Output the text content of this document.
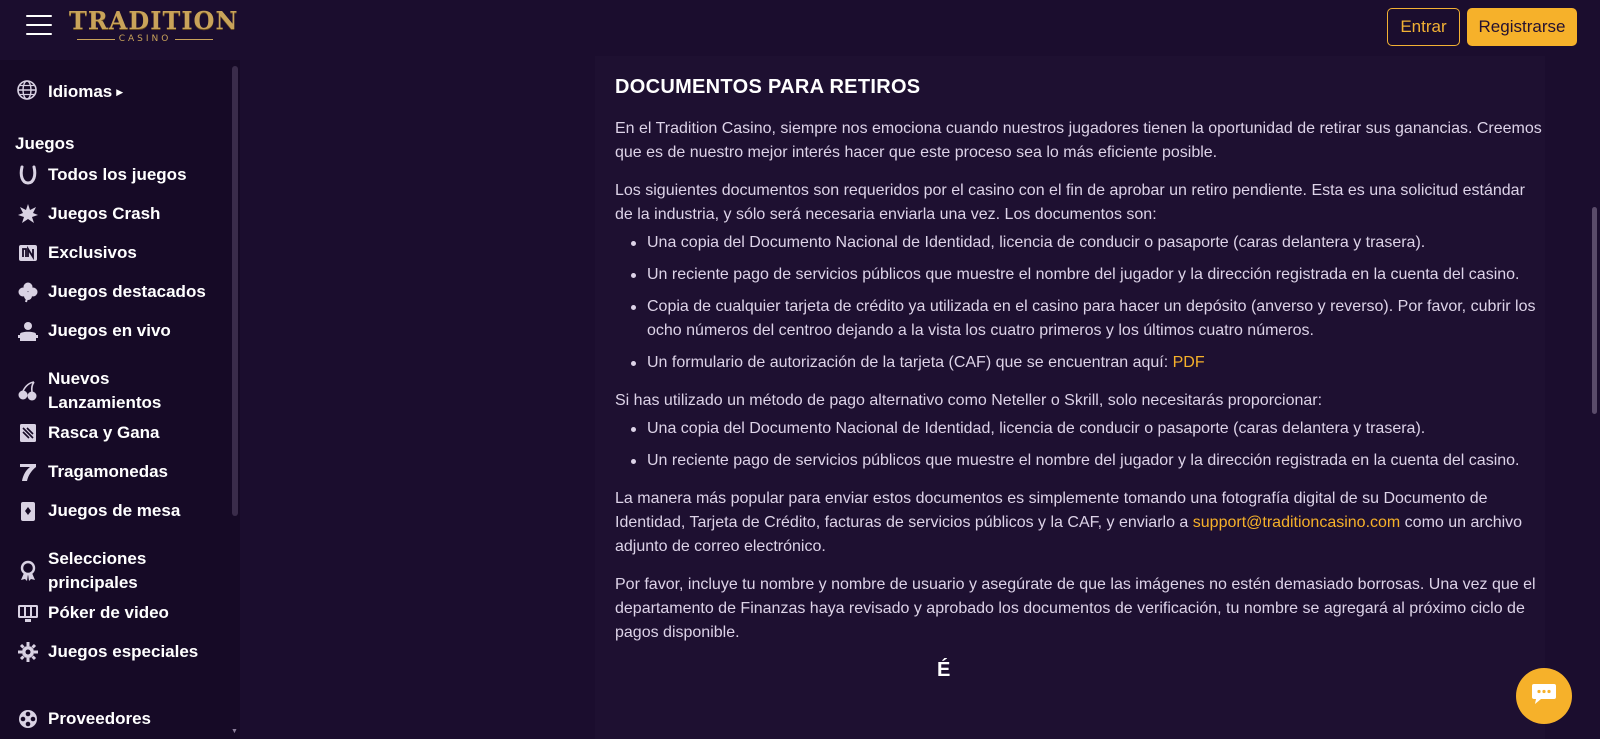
TRADITION
CASINO
Entrar	Registrarse
▼
Idiomas ▶
Juegos
Todos los juegos
Juegos Crash
Exclusivos
Juegos destacados
Juegos en vivo
Nuevos Lanzamientos
Rasca y Gana
Tragamonedas
Juegos de mesa
Selecciones principales
Póker de video
Juegos especiales
Proveedores
DOCUMENTOS PARA RETIROS

En el Tradition Casino, siempre nos emociona cuando nuestros jugadores tienen la oportunidad de retirar sus ganancias. Creemos que es de nuestro mejor interés hacer que este proceso sea lo más eficiente posible.

Los siguientes documentos son requeridos por el casino con el fin de aprobar un retiro pendiente. Esta es una solicitud estándar de la industria, y sólo será necesaria enviarla una vez. Los documentos son:

Una copia del Documento Nacional de Identidad, licencia de conducir o pasaporte (caras delantera y trasera).
Un reciente pago de servicios públicos que muestre el nombre del jugador y la dirección registrada en la cuenta del casino.
Copia de cualquier tarjeta de crédito ya utilizada en el casino para hacer un depósito (anverso y reverso). Por favor, cubrir los ocho números del centroo dejando a la vista los cuatro primeros y los últimos cuatro números.
Un formulario de autorización de la tarjeta (CAF) que se encuentran aquí: PDF

Si has utilizado un método de pago alternativo como Neteller o Skrill, solo necesitarás proporcionar:

Una copia del Documento Nacional de Identidad, licencia de conducir o pasaporte (caras delantera y trasera).
Un reciente pago de servicios públicos que muestre el nombre del jugador y la dirección registrada en la cuenta del casino.

La manera más popular para enviar estos documentos es simplemente tomando una fotografía digital de su Documento de Identidad, Tarjeta de Crédito, facturas de servicios públicos y la CAF, y enviarlo a support@traditioncasino.com como un archivo adjunto de correo electrónico.

Por favor, incluye tu nombre y nombre de usuario y asegúrate de que las imágenes no estén demasiado borrosas. Una vez que el departamento de Finanzas haya revisado y aprobado los documentos de verificación, tu nombre se agregará al próximo ciclo de pagos disponible.

É
